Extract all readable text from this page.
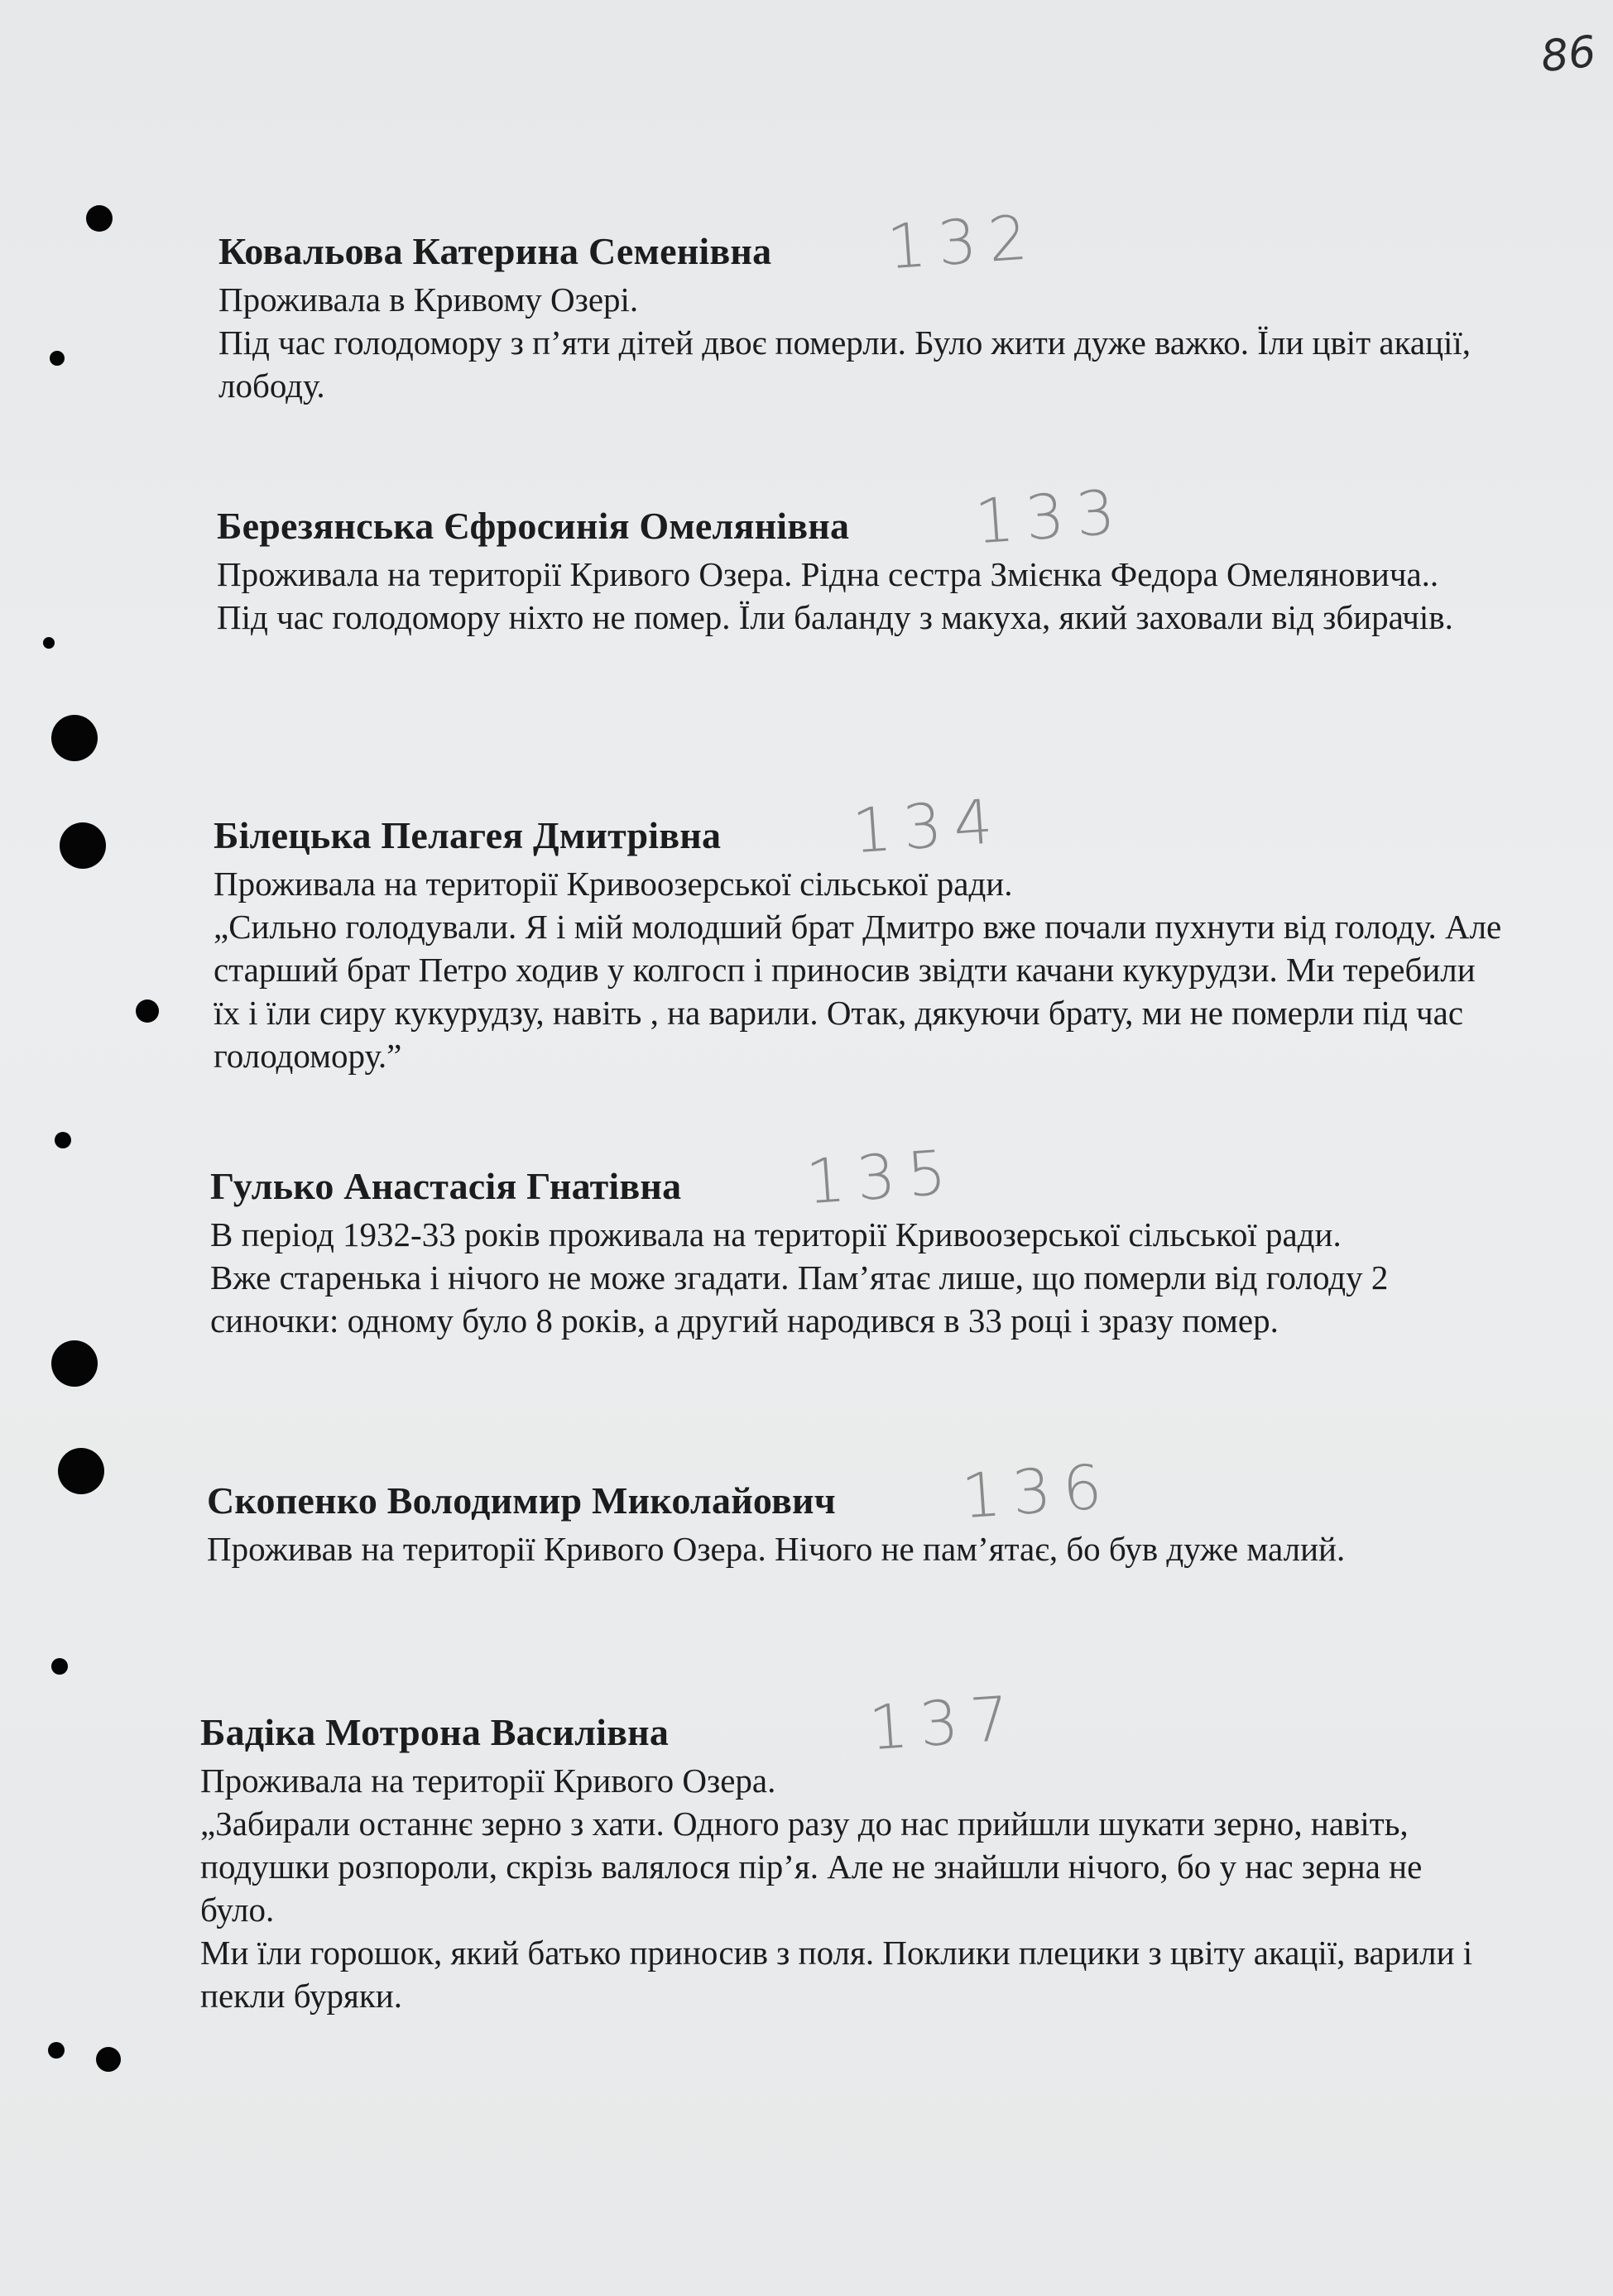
86
Ковальова Катерина Семенівна 132

Проживала в Кривому Озері.

Під час голодомору з п’яти дітей двоє померли. Було жити дуже важко. Їли цвіт акації, лободу.

Березянська Єфросинія Омелянівна 133

Проживала на території Кривого Озера. Рідна сестра Змієнка Федора Омеляновича..

Під час голодомору ніхто не помер. Їли баланду з макуха, який заховали від збирачів.

Білецька Пелагея Дмитрівна 134

Проживала на території Кривоозерської сільської ради.

„Сильно голодували. Я і мій молодший брат Дмитро вже почали пухнути від голоду. Але старший брат Петро ходив у колгосп і приносив звідти качани кукурудзи. Ми теребили їх і їли сиру кукурудзу, навіть , на варили. Отак, дякуючи брату, ми не померли під час голодомору.”

Гулько Анастасія Гнатівна 135

В період 1932-33 років проживала на території Кривоозерської сільської ради.

Вже старенька і нічого не може згадати. Пам’ятає лише, що померли від голоду 2 синочки: одному було 8 років, а другий народився в 33 році і зразу помер.

Скопенко Володимир Миколайович 136

Проживав на території Кривого Озера. Нічого не пам’ятає, бо був дуже малий.

Бадіка Мотрона Василівна	137

Проживала на території Кривого Озера.

„Забирали останнє зерно з хати. Одного разу до нас прийшли шукати зерно, навіть, подушки розпороли, скрізь валялося пір’я. Але не знайшли нічого, бо у нас зерна не було.

Ми їли горошок, який батько приносив з поля. Поклики плецики з цвіту акації, варили і пекли буряки.
